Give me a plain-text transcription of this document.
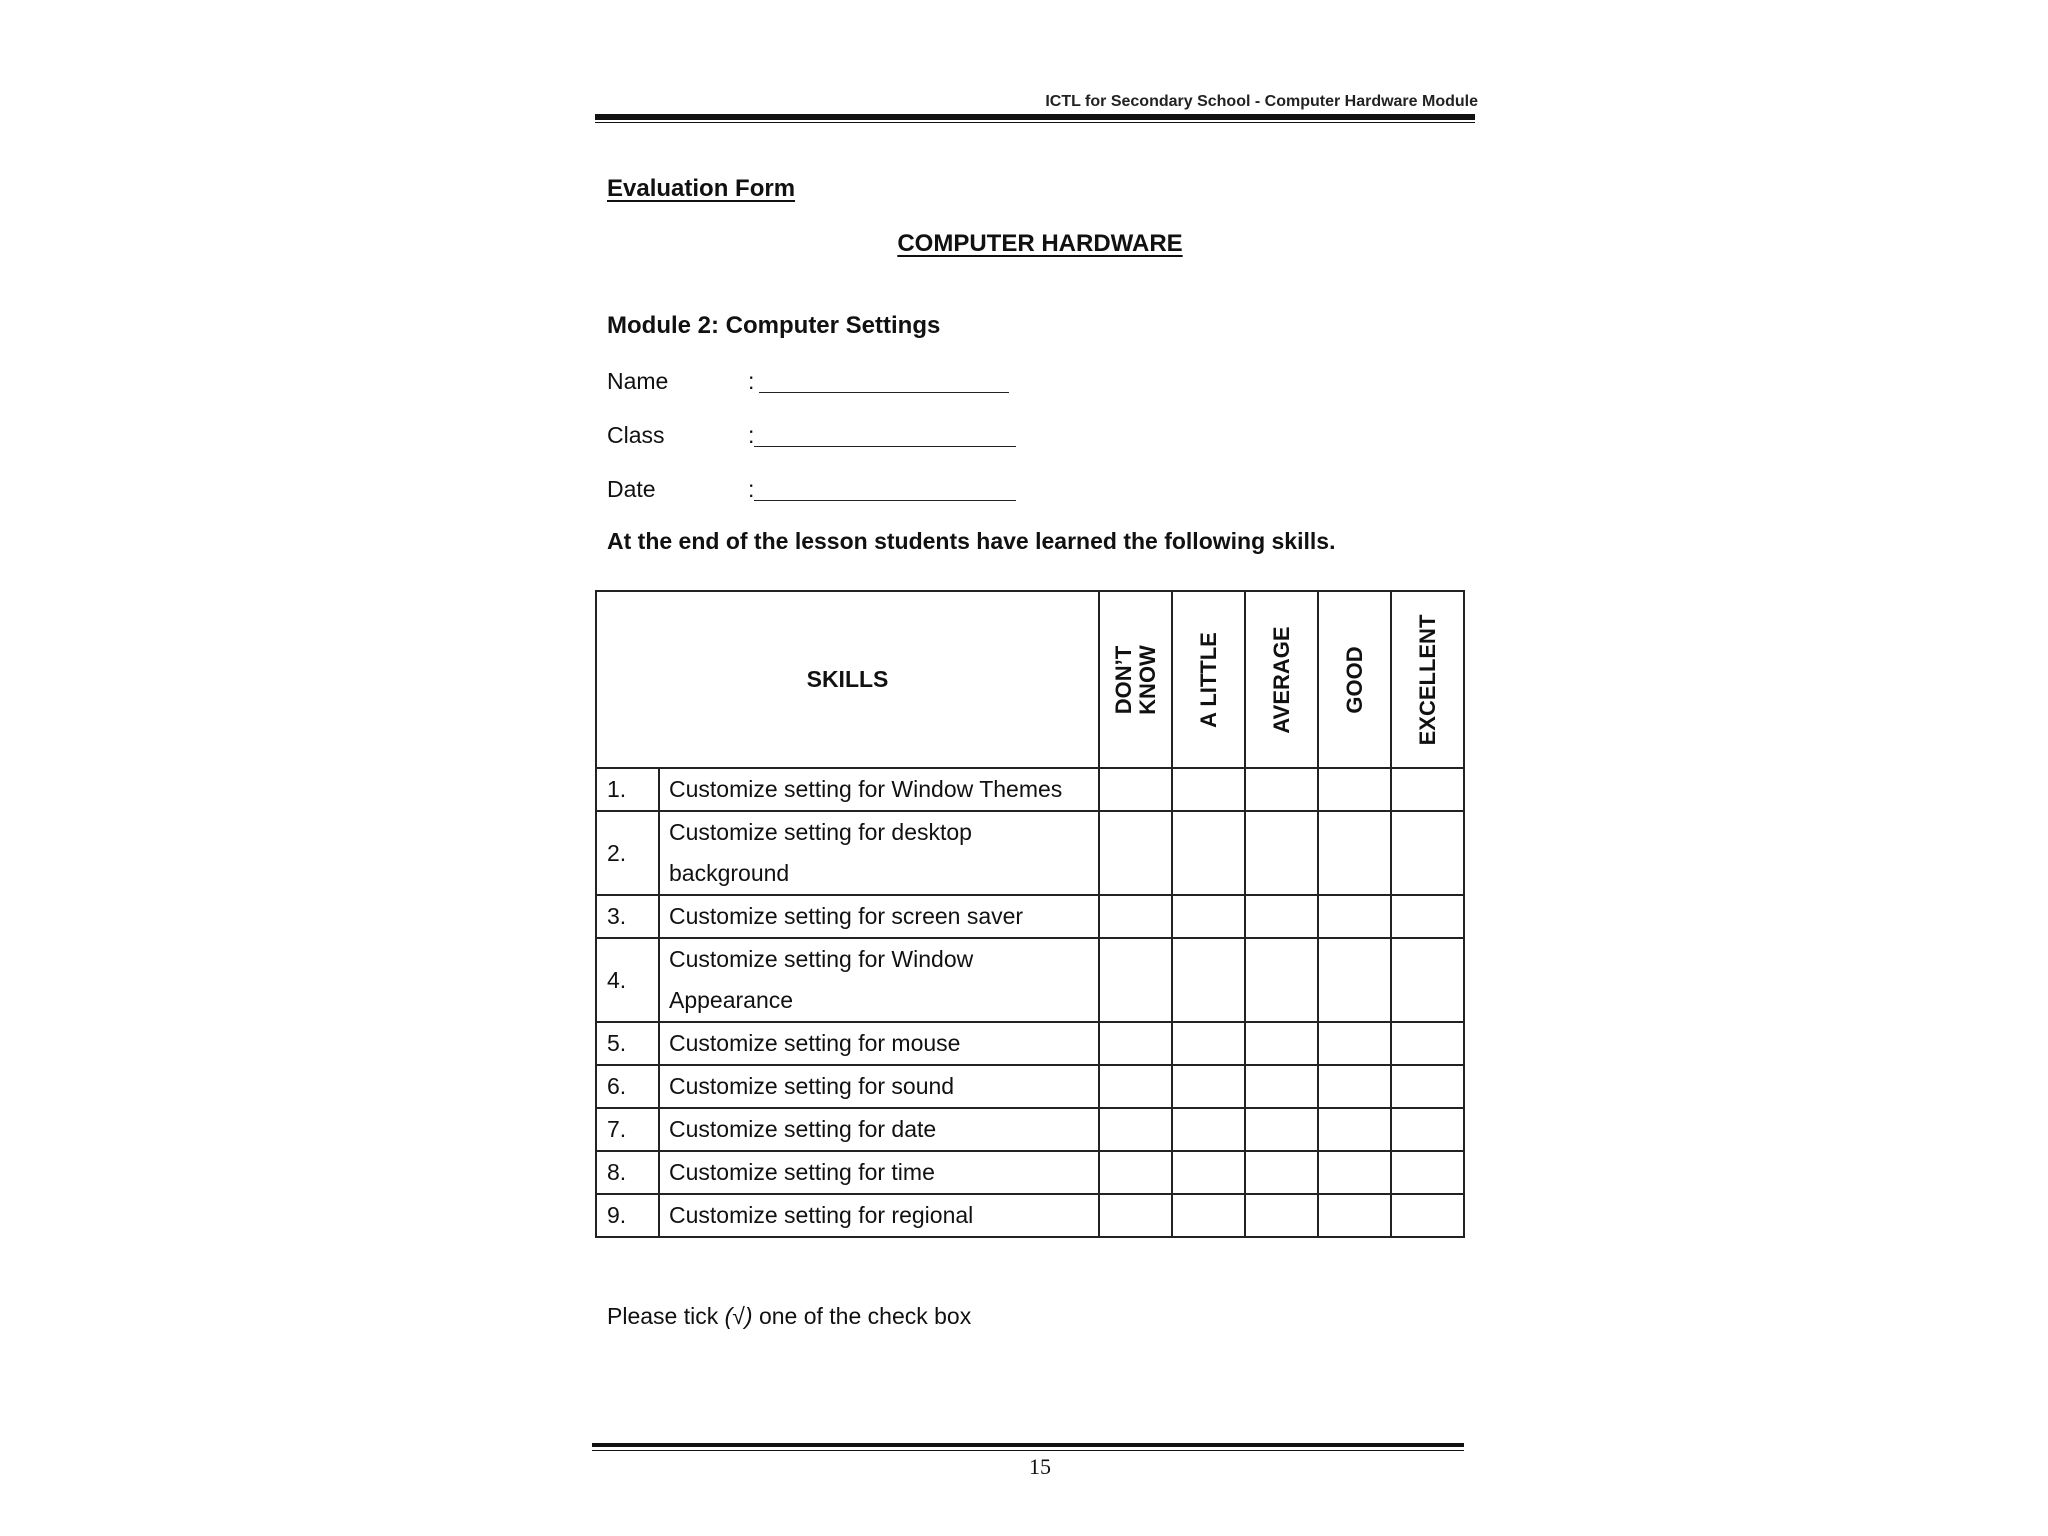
ICTL for Secondary School - Computer Hardware Module
Evaluation Form
COMPUTER HARDWARE
Module 2: Computer Settings
Name	:
Class	:
Date	:
At the end of the lesson students have learned the following skills.
SKILLS		DON’T KNOW	A LITTLE	AVERAGE	GOOD	EXCELLENT

1.	Customize setting for Window Themes					

2.	Customize setting for desktop
background					

3.	Customize setting for screen saver					

4.	Customize setting for Window
Appearance					

5.	Customize setting for mouse					

6.	Customize setting for sound					

7.	Customize setting for date					

8.	Customize setting for time					

9.	Customize setting for regional					

Please tick (√) one of the check box
15
